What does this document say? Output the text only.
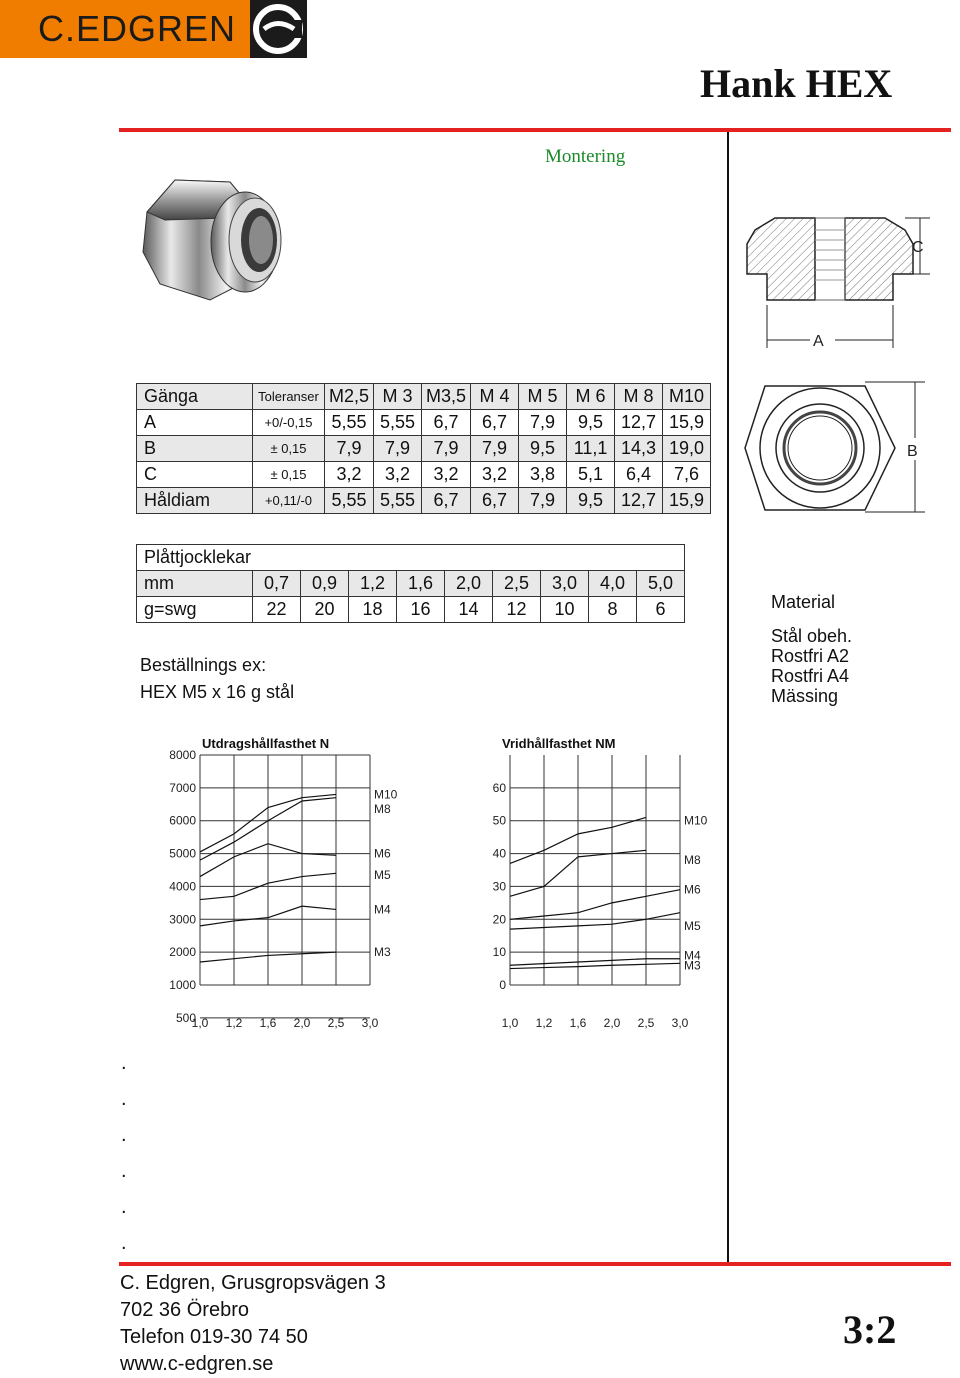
C.EDGREN
Hank HEX
Montering
C
A
B
Gänga	Toleranser	M2,5	M 3	M3,5	M 4	M 5	M 6	M 8	M10
A	+0/-0,15	5,55	5,55	6,7	6,7	7,9	9,5	12,7	15,9
B	± 0,15	7,9	7,9	7,9	7,9	9,5	11,1	14,3	19,0
C	± 0,15	3,2	3,2	3,2	3,2	3,8	5,1	6,4	7,6
Håldiam	+0,11/-0	5,55	5,55	6,7	6,7	7,9	9,5	12,7	15,9
Plåttjocklekar									
mm	0,7	0,9	1,2	1,6	2,0	2,5	3,0	4,0	5,0
g=swg	22	20	18	16	14	12	10	8	6
Beställnings ex:
HEX M5 x 16 g stål
Material
Stål obeh.
Rostfri A2
Rostfri A4
Mässing
Utdragshållfasthet N
8000
7000
6000
5000
4000
3000
2000
1000
500
1,0 1,2 1,6 2,0 2,5 3,0
M10
M8
M6
M5
M4
M3
Vridhållfasthet NM
60
50
40
30
20
10
0
1,0 1,2 1,6 2,0 2,5 3,0
M10
M8
M6
M5
M4
M3
.
.
.
.
.
.
C. Edgren, Grusgropsvägen 3
702 36 Örebro
Telefon 019-30 74 50
www.c-edgren.se
3:2
